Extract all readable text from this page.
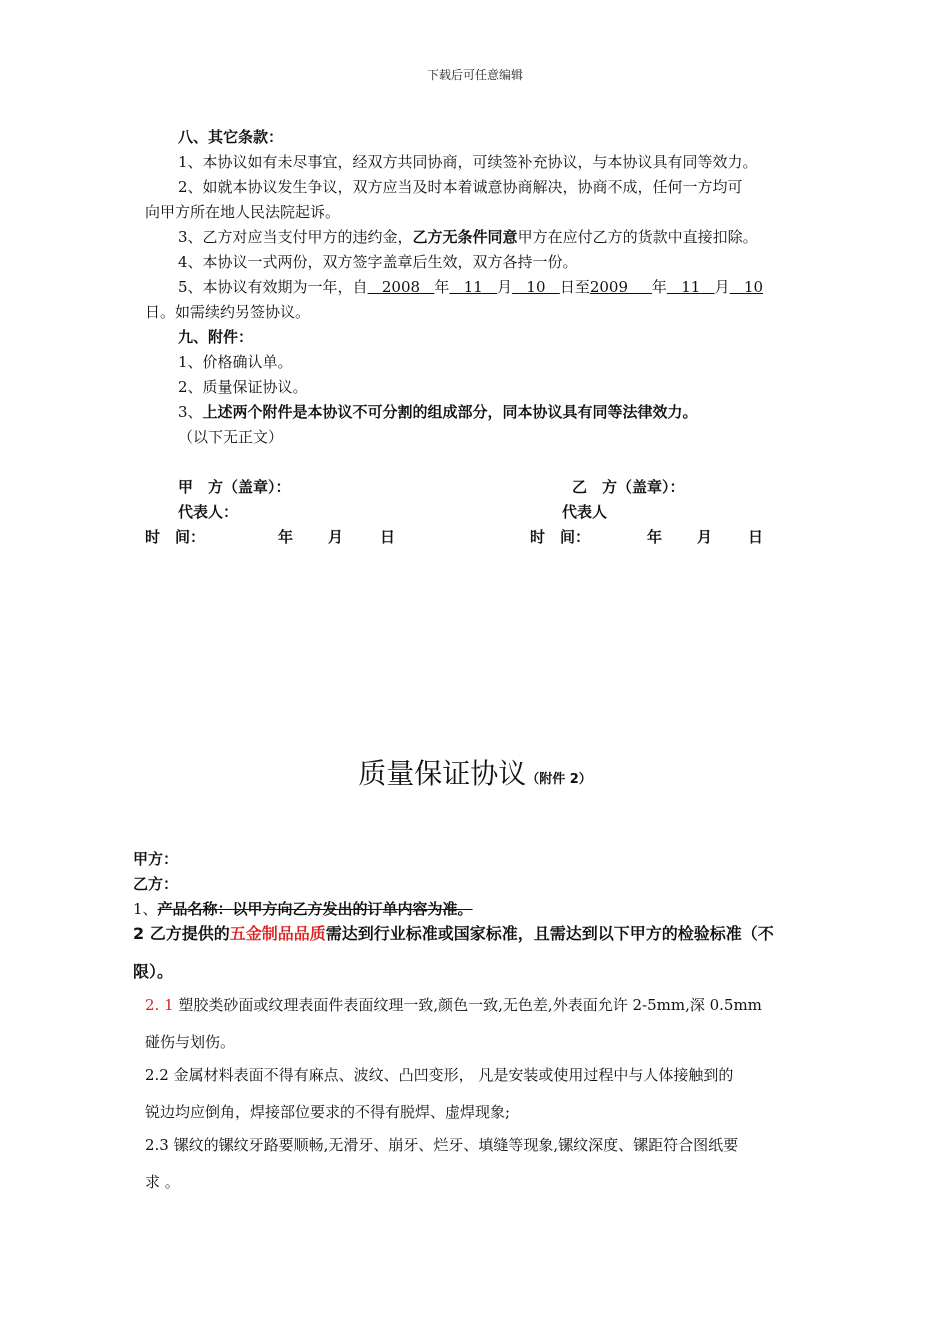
下载后可任意编辑
八、其它条款：
1、本协议如有未尽事宜，经双方共同协商，可续签补充协议，与本协议具有同等效力。
2、如就本协议发生争议，双方应当及时本着诚意协商解决，协商不成，任何一方均可
向甲方所在地人民法院起诉。
3、乙方对应当支付甲方的违约金，乙方无条件同意甲方在应付乙方的货款中直接扣除。
4、本协议一式两份，双方签字盖章后生效，双方各持一份。
5、本协议有效期为一年，自 2008 年 11 月 10 日至2009 年 11 月 10
日。如需续约另签协议。
九、附件：
1、价格确认单。
2、质量保证协议。
3、上述两个附件是本协议不可分割的组成部分，同本协议具有同等法律效力。
（以下无正文）
甲　方（盖章）：	乙　方（盖章）：
代表人：	代表人
时　间：	年 月 日	时　间：	年 月 日
质量保证协议（附件 2）
甲方：
乙方：
1、产品名称：以甲方向乙方发出的订单内容为准。
2 乙方提供的五金制品品质需达到行业标准或国家标准，且需达到以下甲方的检验标准（不
限）。
2. 1 塑胶类砂面或纹理表面件表面纹理一致,颜色一致,无色差,外表面允许 2-5mm,深 0.5mm
碰伤与划伤。
2.2 金属材料表面不得有麻点、波纹、凸凹变形， 凡是安装或使用过程中与人体接触到的
锐边均应倒角，焊接部位要求的不得有脱焊、虚焊现象;
2.3 镙纹的镙纹牙路要顺畅,无滑牙、崩牙、烂牙、填缝等现象,镙纹深度、镙距符合图纸要
求 。
